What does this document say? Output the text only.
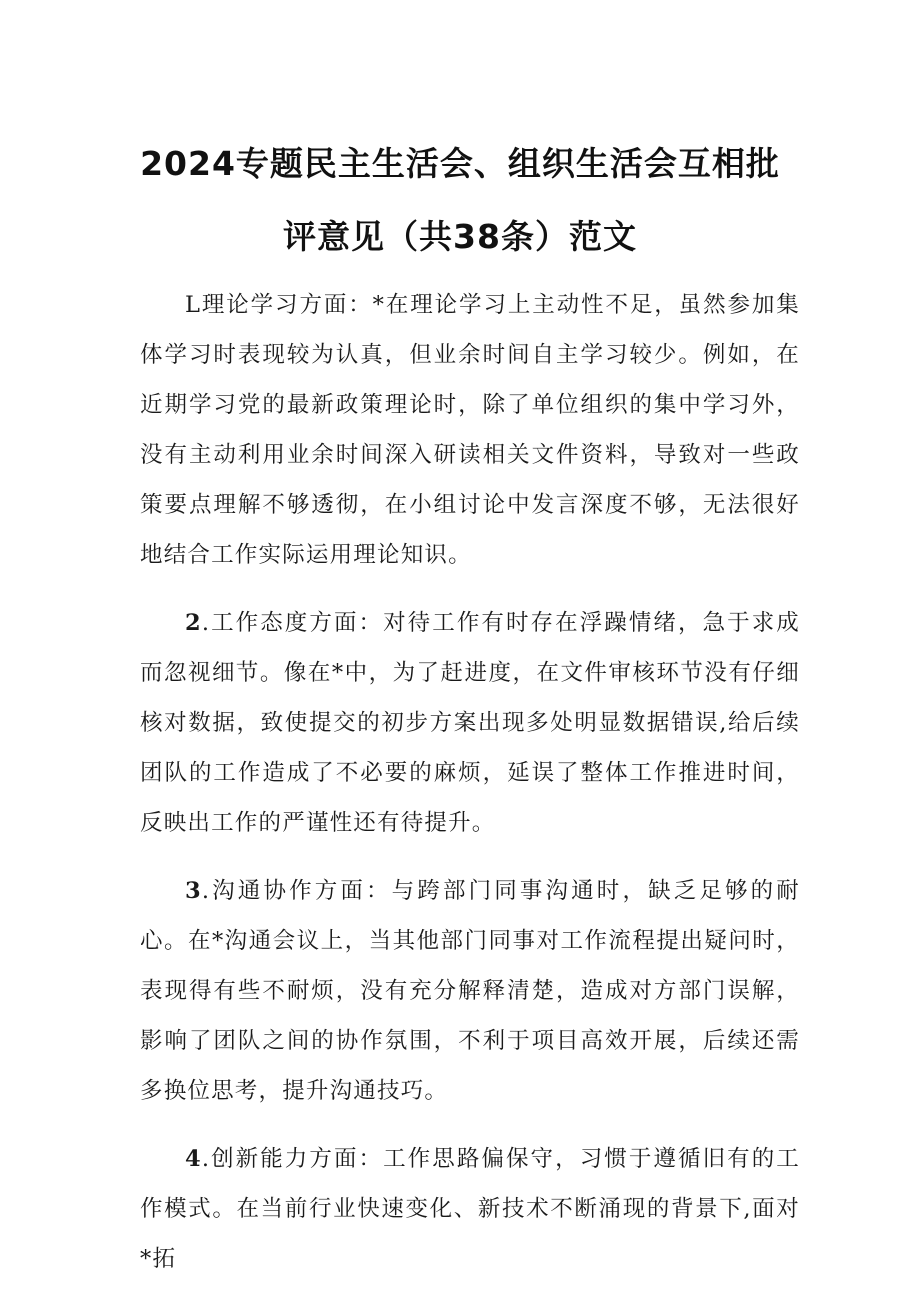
2024专题民主生活会、组织生活会互相批
评意见（共38条）范文

L理论学习方面：*在理论学习上主动性不足，虽然参加集体学习时表现较为认真，但业余时间自主学习较少。例如，在近期学习党的最新政策理论时，除了单位组织的集中学习外，没有主动利用业余时间深入研读相关文件资料，导致对一些政策要点理解不够透彻，在小组讨论中发言深度不够，无法很好地结合工作实际运用理论知识。

2.工作态度方面：对待工作有时存在浮躁情绪，急于求成而忽视细节。像在*中，为了赶进度，在文件审核环节没有仔细核对数据，致使提交的初步方案出现多处明显数据错误,给后续团队的工作造成了不必要的麻烦，延误了整体工作推进时间，反映出工作的严谨性还有待提升。

3.沟通协作方面：与跨部门同事沟通时，缺乏足够的耐心。在*沟通会议上，当其他部门同事对工作流程提出疑问时，表现得有些不耐烦，没有充分解释清楚，造成对方部门误解，影响了团队之间的协作氛围，不利于项目高效开展，后续还需多换位思考，提升沟通技巧。

4.创新能力方面：工作思路偏保守，习惯于遵循旧有的工作模式。在当前行业快速变化、新技术不断涌现的背景下,面对*拓
